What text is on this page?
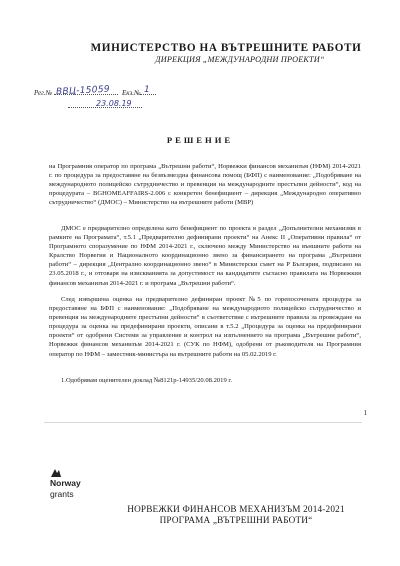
МИНИСТЕРСТВО НА ВЪТРЕШНИТЕ РАБОТИ
ДИРЕКЦИЯ „МЕЖДУНАРОДНИ ПРОЕКТИ“
Рег.№ ВВЦ-15059 Екз.№ 1
23.08.19
РЕШЕНИЕ
на Програмния оператор по програма „Вътрешни работи“, Норвежки финансов механизъм (НФМ) 2014-2021 г. по процедура за предоставяне на безвъзмездна финансова помощ (БФП) с наименование: „Подобряване на международното полицейско сътрудничество и превенция на международните престъпни дейности“, код на процедурата – BGHOMEAFFAIRS-2.006 с конкретен бенефициент – дирекция „Международно оперативно сътрудничество“ (ДМОС) – Министерство на вътрешните работи (МВР)
ДМОС е предварително определена като бенефициент по проекта в раздел „Допълнителни механизми в рамките на Програмата“, т.5.1 „Предварително дефинирани проекти“ на Анекс II „Оперативни правила“ от Програмното споразумение по НФМ 2014-2021 г., сключено между Министерство на външните работи на Кралство Норвегия и Националното координационно звено за финансирането на програма „Вътрешни работи“ – дирекция „Централно координационно звено“ в Министерски съвет на Р България, подписано на 23.05.2018 г., и отговаря на изискванията за допустимост на кандидатите съгласно правилата на Норвежкия финансов механизъм 2014-2021 г. и програма „Вътрешни работи“.
След извършена оценка на предварително дефиниран проект №5 по горепосочената процедура за предоставяне на БФП с наименование: „Подобряване на международното полицейско сътрудничество и превенция на международните престъпни дейности“ в съответствие с вътрешните правила за провеждане на процедура за оценка на предефинирани проекти, описани в т.5.2 „Процедура за оценка на предефинирани проекти“ от одобрени Системи за управление и контрол на изпълнението на програма „Вътрешни работи“, Норвежки финансов механизъм 2014-2021 г. (СУК по НФМ), одобрени от ръководителя на Програмния оператор по НФМ – заместник-министъра на вътрешните работи на 05.02.2019 г.
1.Одобрявам оценителен доклад №8121р-14935/20.08.2019 г.
1
Norway
grants
НОРВЕЖКИ ФИНАНСОВ МЕХАНИЗЪМ 2014-2021
ПРОГРАМА „ВЪТРЕШНИ РАБОТИ“
